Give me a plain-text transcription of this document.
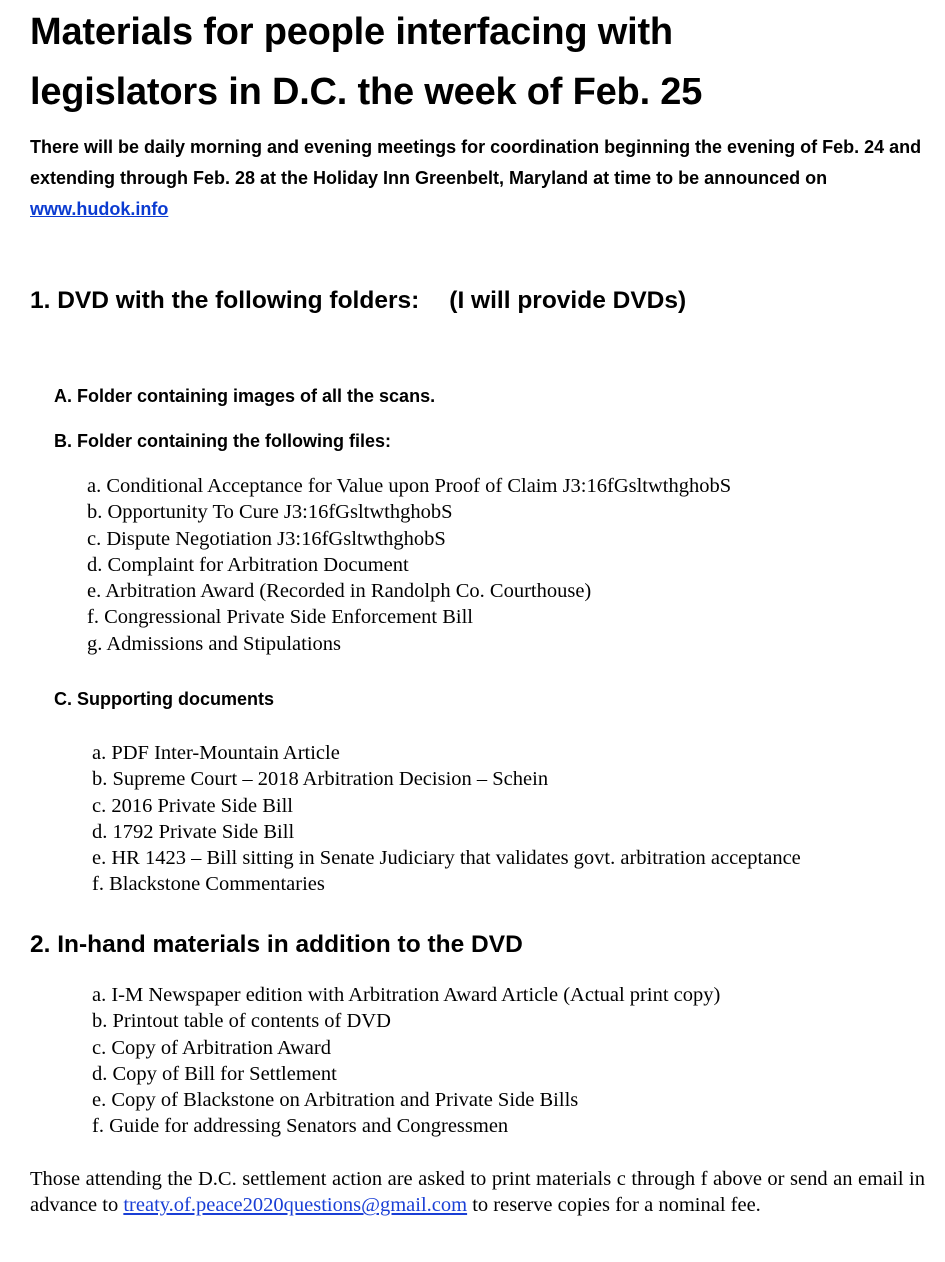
Materials for people interfacing with
legislators in D.C. the week of Feb. 25

There will be daily morning and evening meetings for coordination beginning the evening of Feb. 24 and extending through Feb. 28 at the Holiday Inn Greenbelt, Maryland at time to be announced on www.hudok.info

1. DVD with the following folders: (I will provide DVDs)

A. Folder containing images of all the scans.

B. Folder containing the following files:

a. Conditional Acceptance for Value upon Proof of Claim J3:16fGsltwthghobS
b. Opportunity To Cure J3:16fGsltwthghobS
c. Dispute Negotiation J3:16fGsltwthghobS
d. Complaint for Arbitration Document
e. Arbitration Award (Recorded in Randolph Co. Courthouse)
f. Congressional Private Side Enforcement Bill
g. Admissions and Stipulations

C. Supporting documents

a. PDF Inter-Mountain Article
b. Supreme Court – 2018 Arbitration Decision – Schein
c. 2016 Private Side Bill
d. 1792 Private Side Bill
e. HR 1423 – Bill sitting in Senate Judiciary that validates govt. arbitration acceptance
f. Blackstone Commentaries
2. In-hand materials in addition to the DVD
a. I-M Newspaper edition with Arbitration Award Article (Actual print copy)
b. Printout table of contents of DVD
c. Copy of Arbitration Award
d. Copy of Bill for Settlement
e. Copy of Blackstone on Arbitration and Private Side Bills
f. Guide for addressing Senators and Congressmen

Those attending the D.C. settlement action are asked to print materials c through f above or send an email in advance to treaty.of.peace2020questions@gmail.com to reserve copies for a nominal fee.
